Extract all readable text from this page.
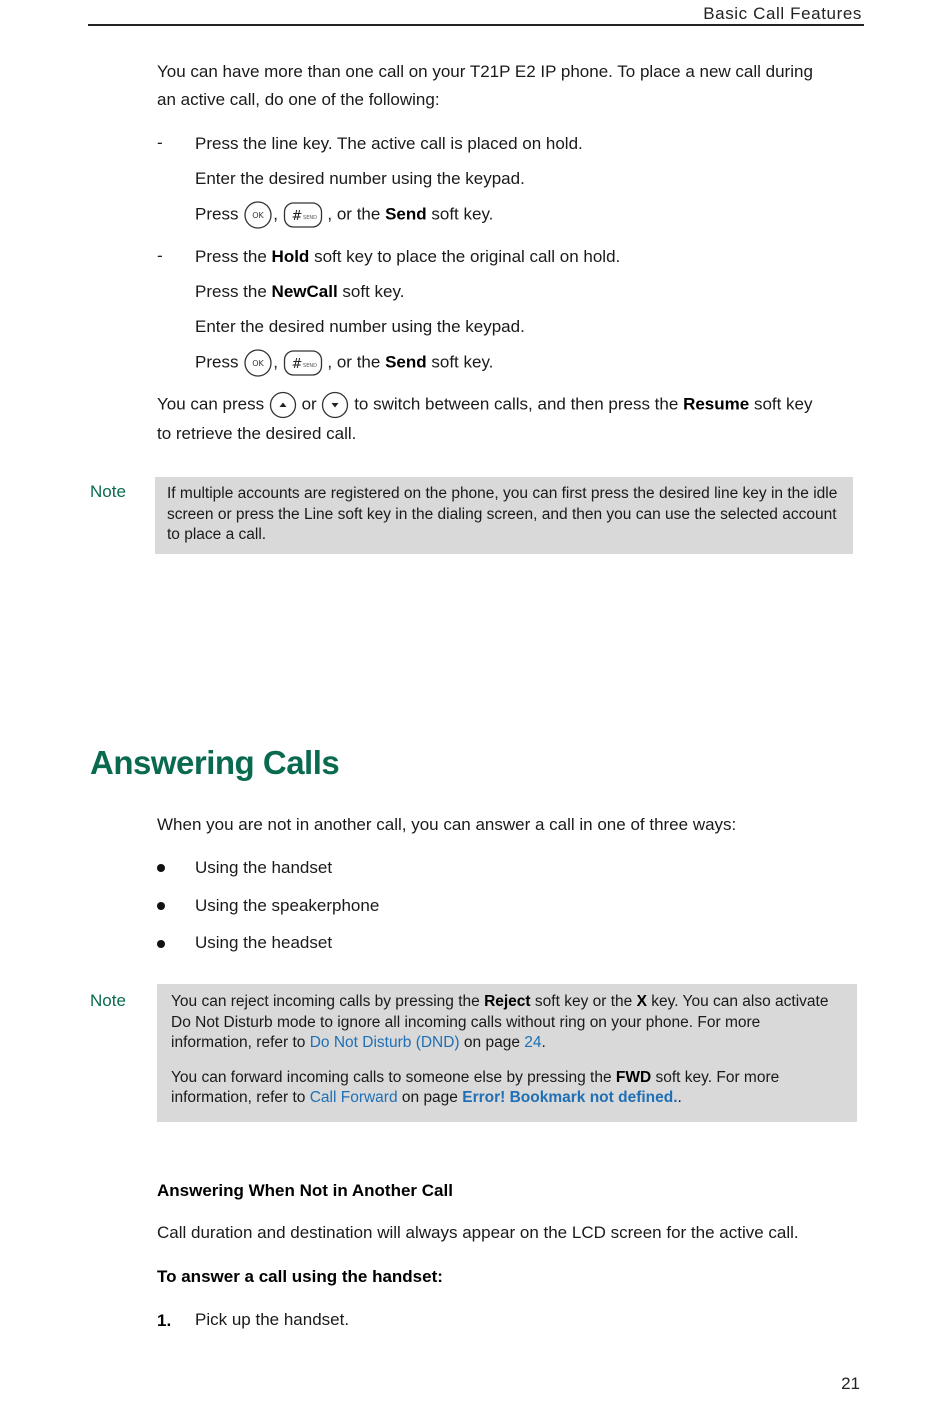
Basic Call Features
You can have more than one call on your T21P E2 IP phone. To place a new call during
an active call, do one of the following:
- Press the line key. The active call is placed on hold.
Enter the desired number using the keypad.
Press OK , # SEND , or the Send soft key.
- Press the Hold soft key to place the original call on hold.
Press the NewCall soft key.
Enter the desired number using the keypad.
Press OK , # SEND , or the Send soft key.
You can press or to switch between calls, and then press the Resume soft key
to retrieve the desired call.
Note	If multiple accounts are registered on the phone, you can first press the desired line key in the idle screen or press the Line soft key in the dialing screen, and then you can use the selected account to place a call.

Answering Calls
When you are not in another call, you can answer a call in one of three ways:
Using the handset
Using the speakerphone
Using the headset
Note	You can reject incoming calls by pressing the Reject soft key or the X key. You can also activate Do Not Disturb mode to ignore all incoming calls without ring on your phone. For more information, refer to Do Not Disturb (DND) on page 24.

You can forward incoming calls to someone else by pressing the FWD soft key. For more information, refer to Call Forward on page Error! Bookmark not defined..

Answering When Not in Another Call
Call duration and destination will always appear on the LCD screen for the active call.
To answer a call using the handset:
1. Pick up the handset.
21
